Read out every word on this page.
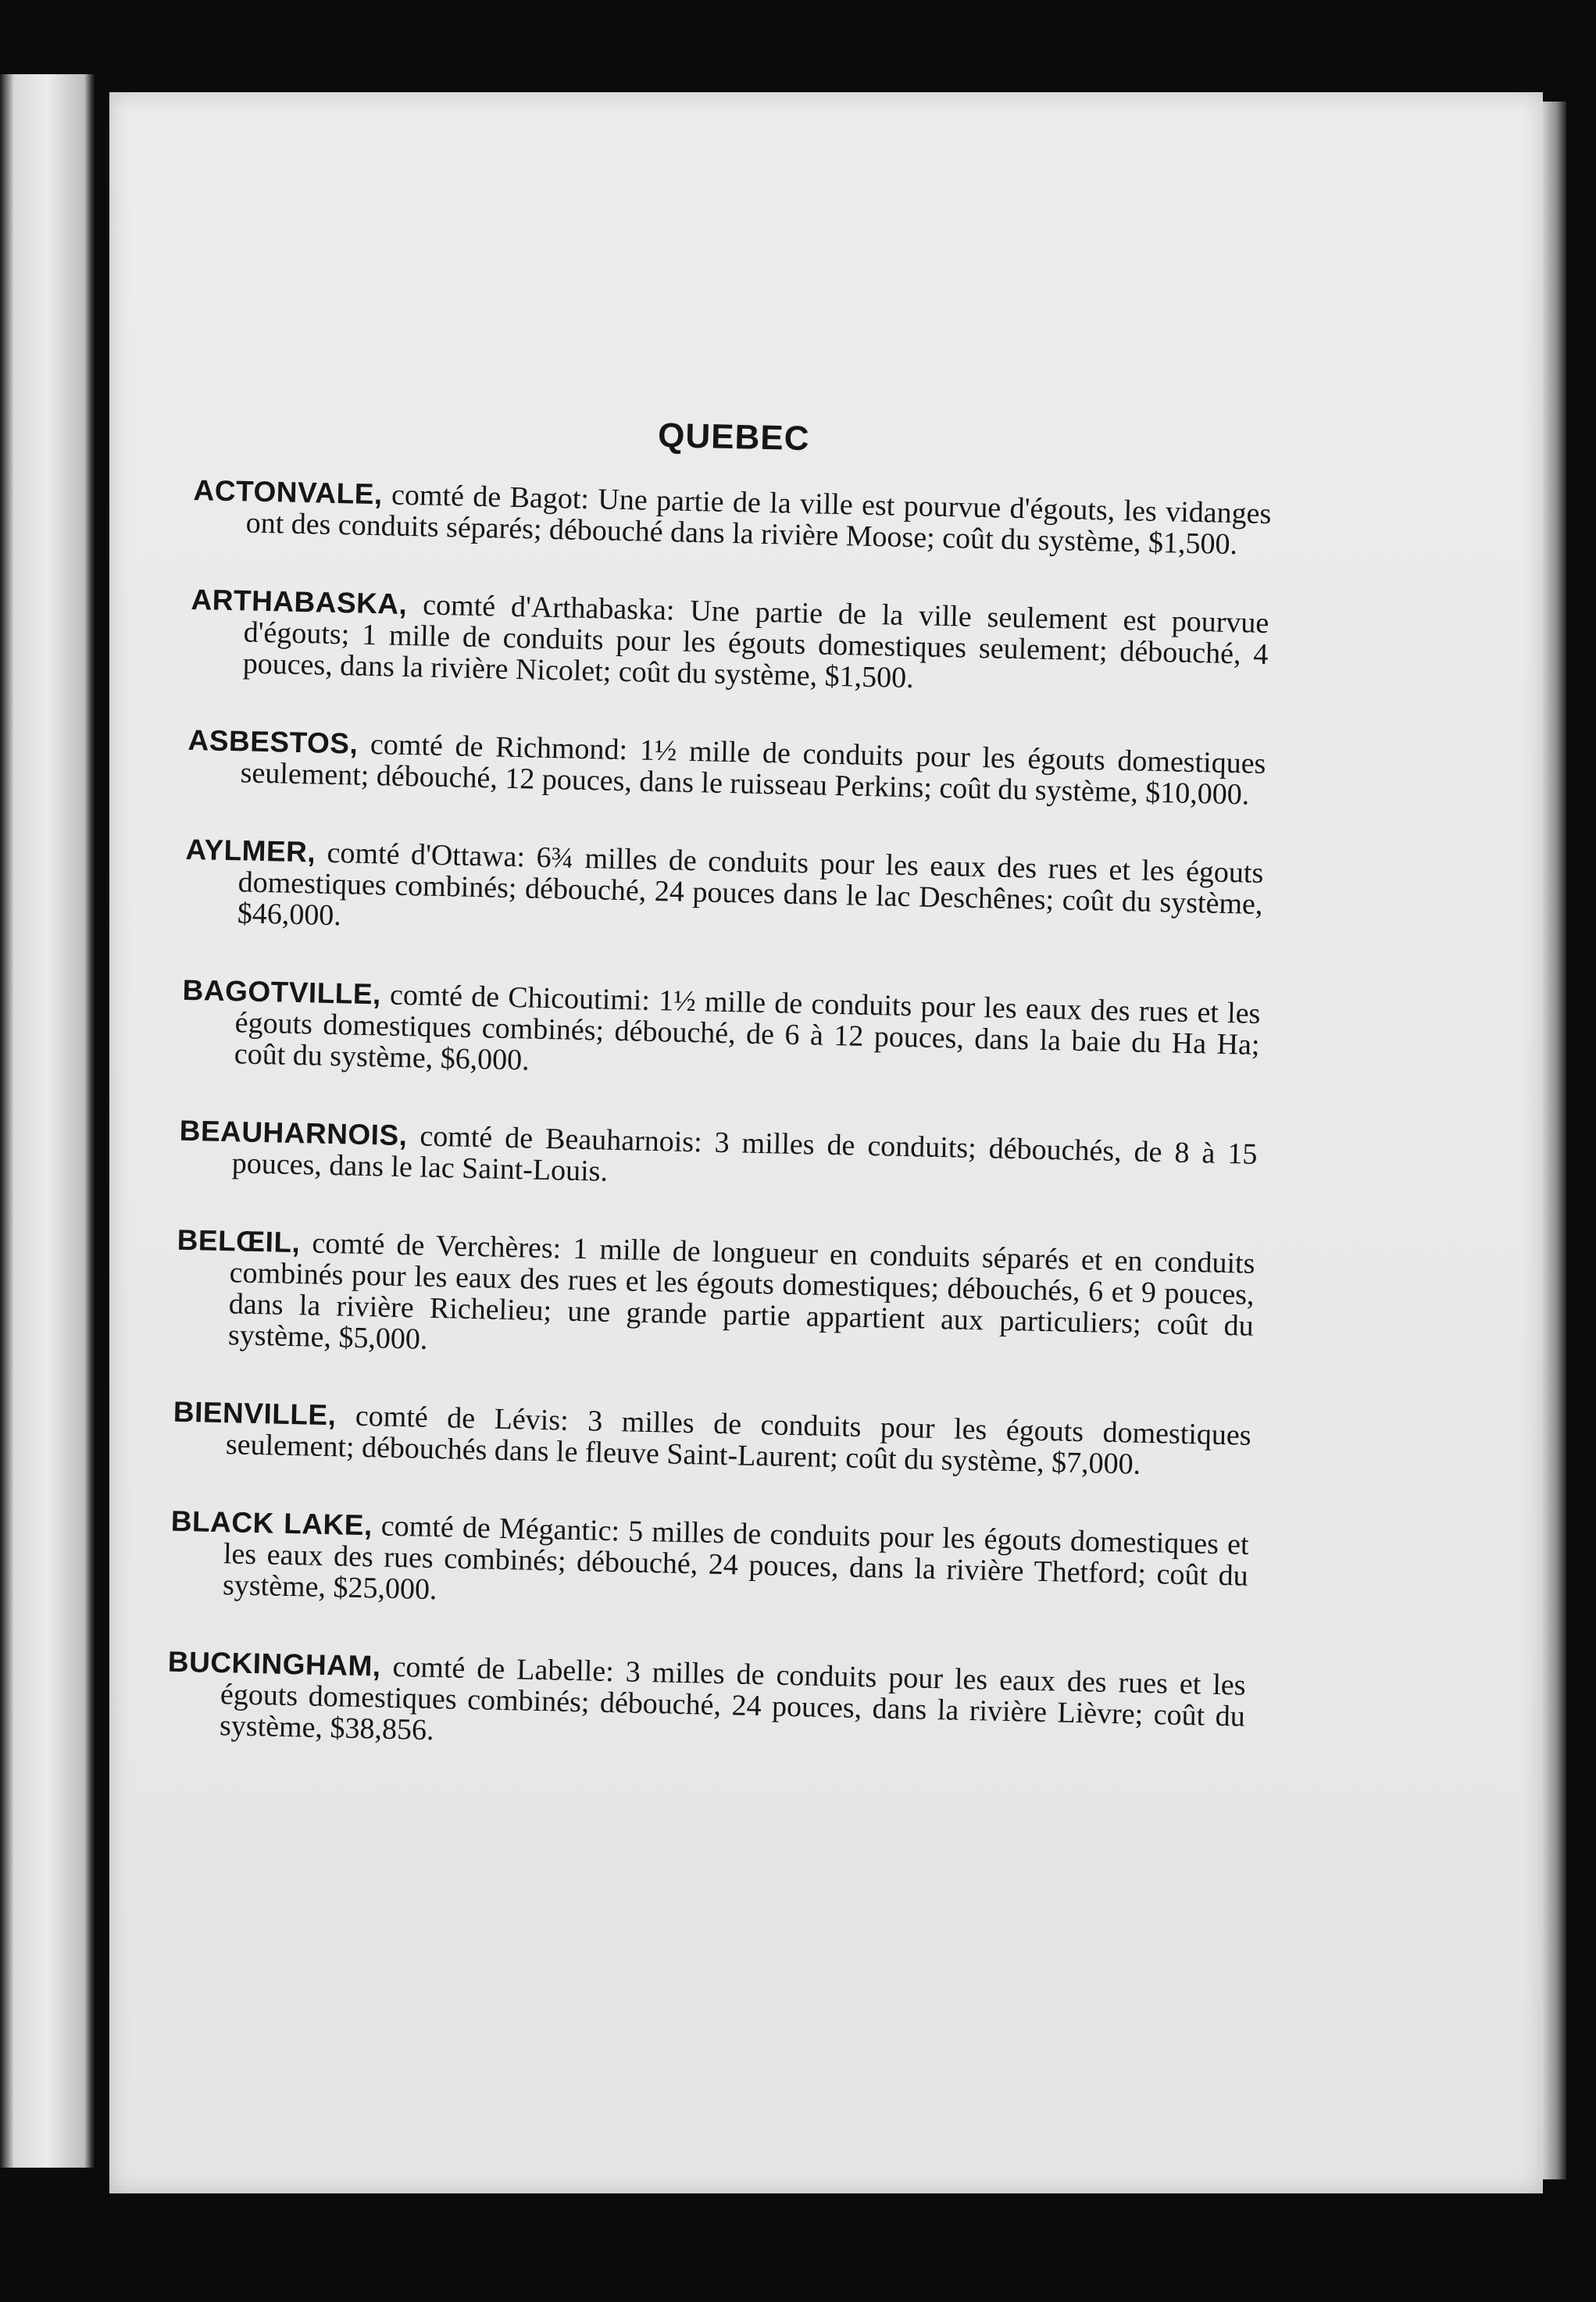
QUEBEC

ACTONVALE, comté de Bagot: Une partie de la ville est pourvue d'égouts, les vidanges ont des conduits séparés; débouché dans la rivière Moose; coût du système, $1,500.

ARTHABASKA, comté d'Arthabaska: Une partie de la ville seulement est pourvue d'égouts; 1 mille de conduits pour les égouts domestiques seulement; débouché, 4 pouces, dans la rivière Nicolet; coût du système, $1,500.

ASBESTOS, comté de Richmond: 1½ mille de conduits pour les égouts domestiques seulement; débouché, 12 pouces, dans le ruisseau Perkins; coût du système, $10,000.

AYLMER, comté d'Ottawa: 6¾ milles de conduits pour les eaux des rues et les égouts domestiques combinés; débouché, 24 pouces dans le lac Deschênes; coût du système, $46,000.

BAGOTVILLE, comté de Chicoutimi: 1½ mille de conduits pour les eaux des rues et les égouts domestiques combinés; débouché, de 6 à 12 pouces, dans la baie du Ha Ha; coût du système, $6,000.

BEAUHARNOIS, comté de Beauharnois: 3 milles de conduits; débouchés, de 8 à 15 pouces, dans le lac Saint-Louis.

BELŒIL, comté de Verchères: 1 mille de longueur en conduits séparés et en conduits combinés pour les eaux des rues et les égouts domestiques; débouchés, 6 et 9 pouces, dans la rivière Richelieu; une grande partie appartient aux particuliers; coût du système, $5,000.

BIENVILLE, comté de Lévis: 3 milles de conduits pour les égouts domestiques seulement; débouchés dans le fleuve Saint-Laurent; coût du système, $7,000.

BLACK LAKE, comté de Mégantic: 5 milles de conduits pour les égouts domestiques et les eaux des rues combinés; débouché, 24 pouces, dans la rivière Thetford; coût du système, $25,000.

BUCKINGHAM, comté de Labelle: 3 milles de conduits pour les eaux des rues et les égouts domestiques combinés; débouché, 24 pouces, dans la rivière Lièvre; coût du système, $38,856.
